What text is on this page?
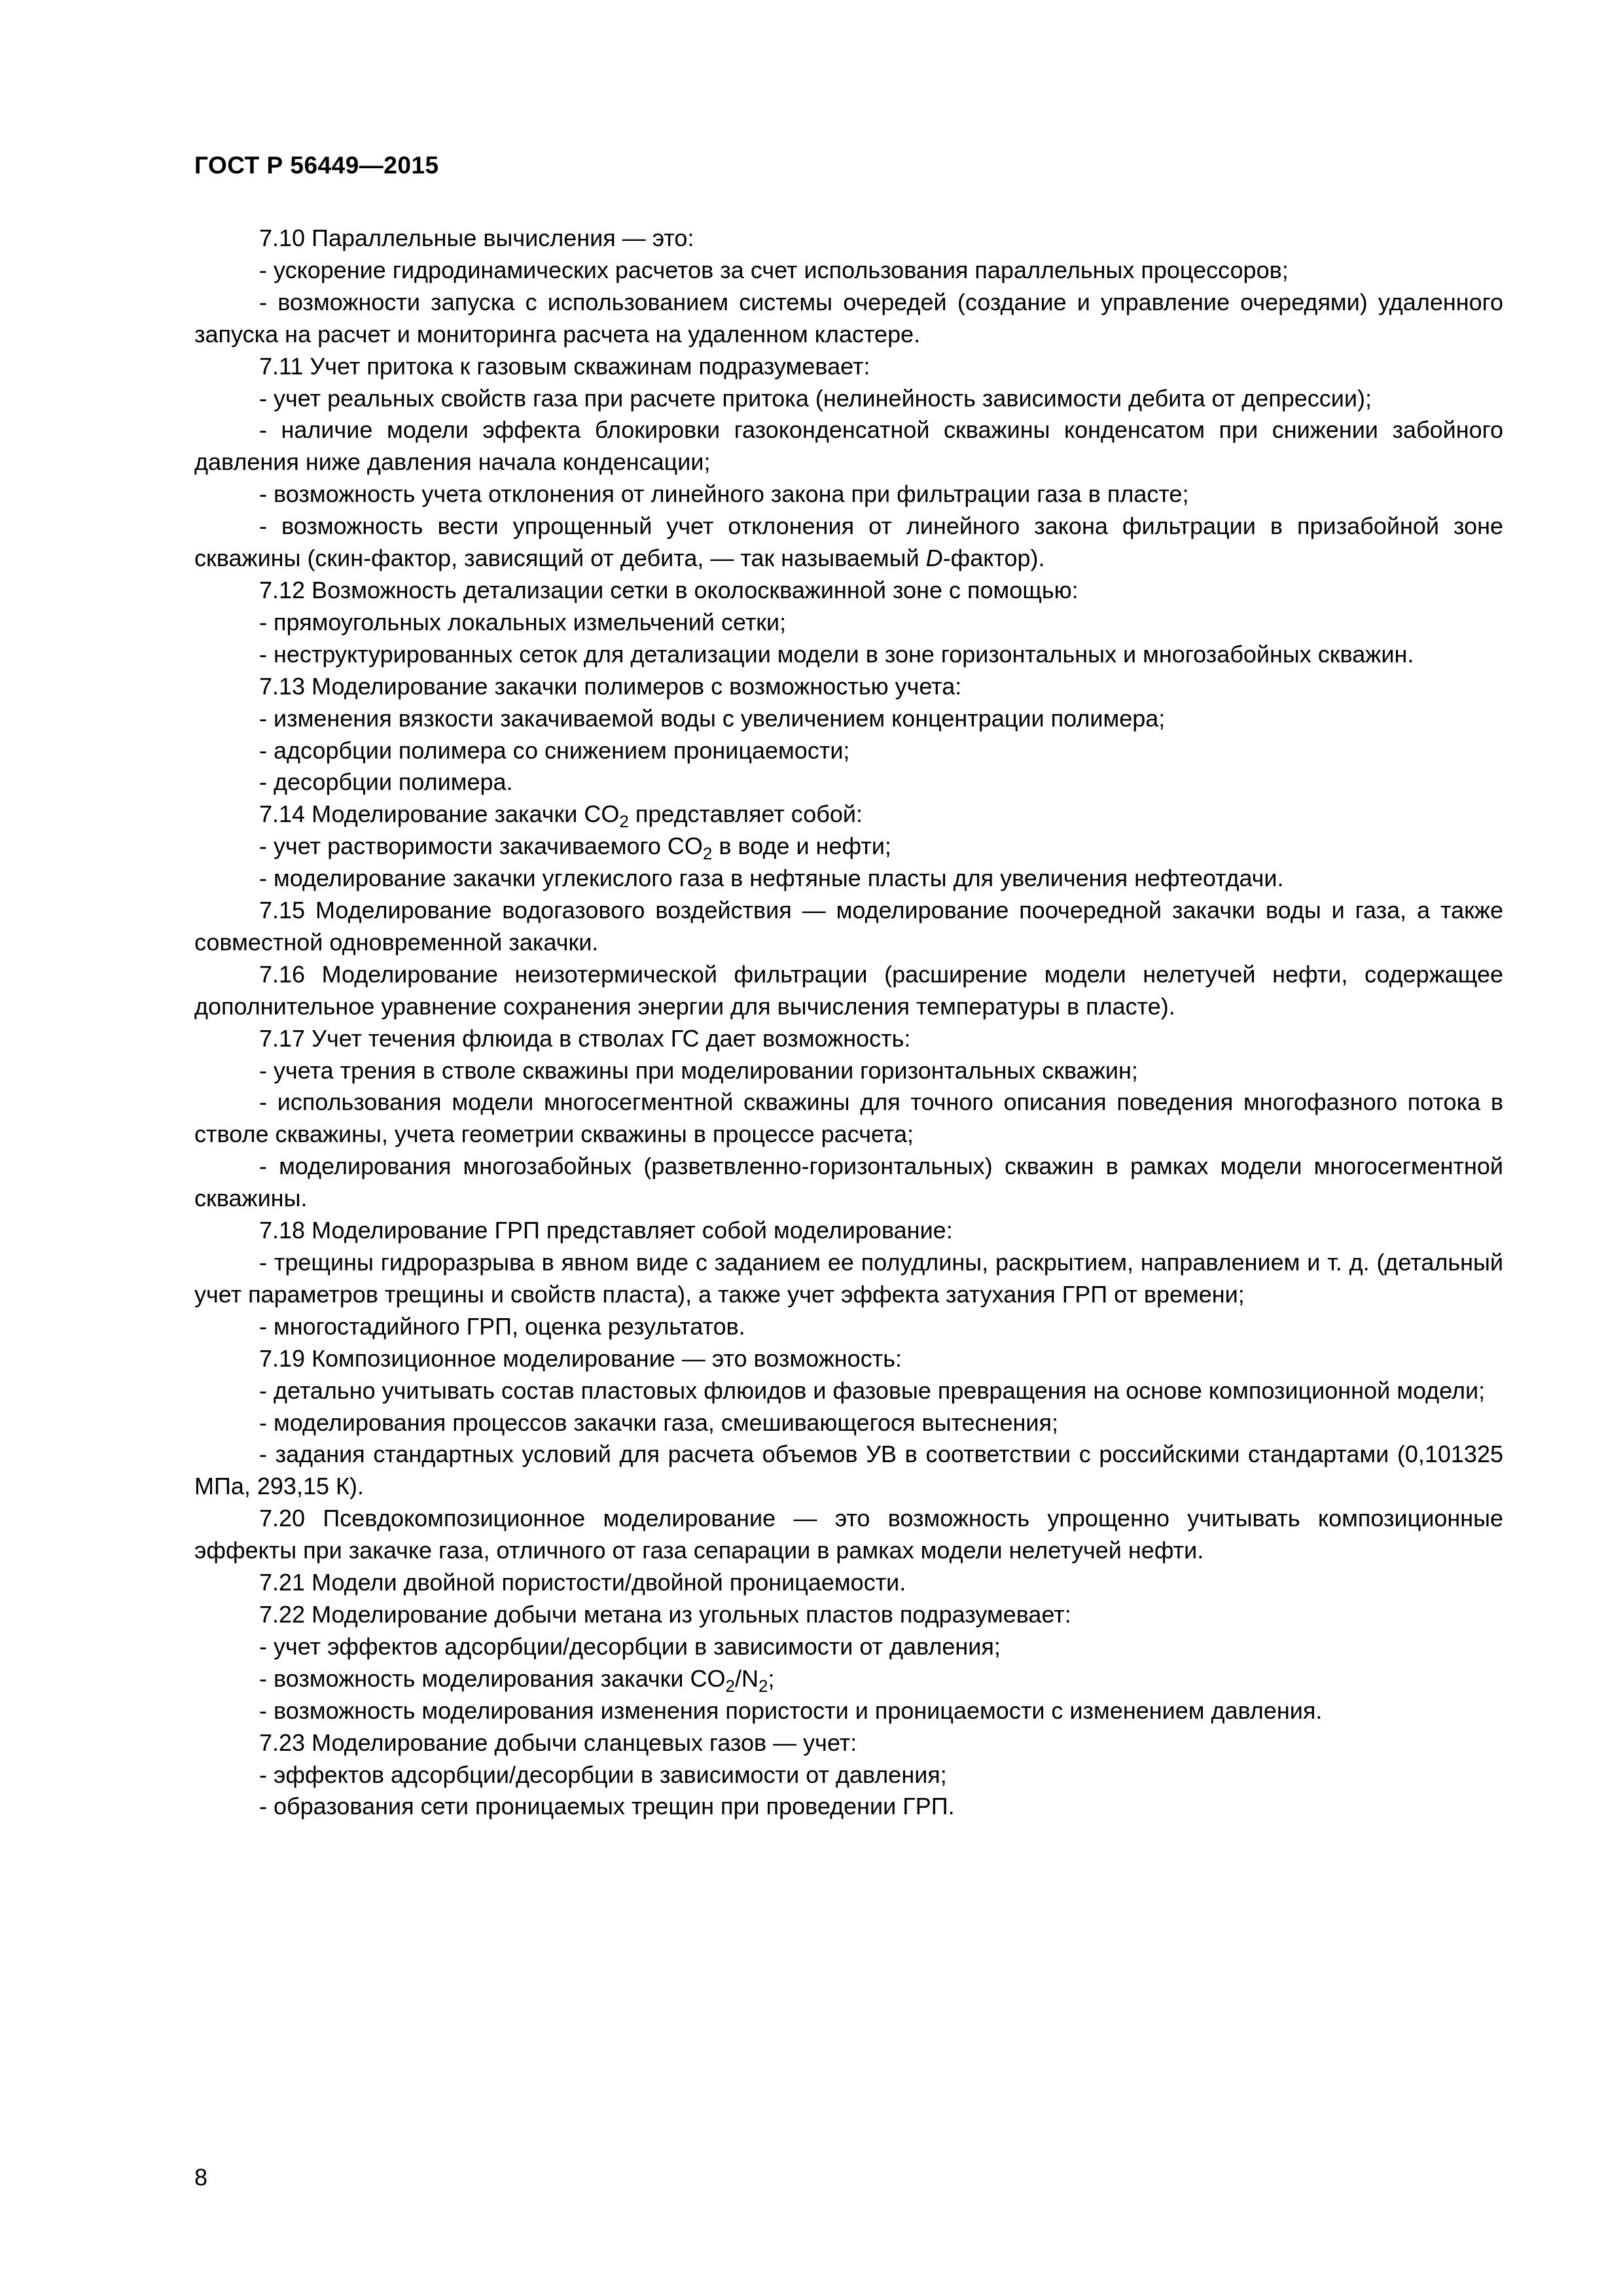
ГОСТ Р 56449—2015

7.10 Параллельные вычисления — это:

- ускорение гидродинамических расчетов за счет использования параллельных процессоров;

- возможности запуска с использованием системы очередей (создание и управление очередями) удаленного запуска на расчет и мониторинга расчета на удаленном кластере.

7.11 Учет притока к газовым скважинам подразумевает:

- учет реальных свойств газа при расчете притока (нелинейность зависимости дебита от депрессии);

- наличие модели эффекта блокировки газоконденсатной скважины конденсатом при снижении забойного давления ниже давления начала конденсации;

- возможность учета отклонения от линейного закона при фильтрации газа в пласте;

- возможность вести упрощенный учет отклонения от линейного закона фильтрации в призабойной зоне скважины (скин-фактор, зависящий от дебита, — так называемый D-фактор).

7.12 Возможность детализации сетки в околоскважинной зоне с помощью:

- прямоугольных локальных измельчений сетки;

- неструктурированных сеток для детализации модели в зоне горизонтальных и многозабойных скважин.

7.13 Моделирование закачки полимеров с возможностью учета:

- изменения вязкости закачиваемой воды с увеличением концентрации полимера;

- адсорбции полимера со снижением проницаемости;

- десорбции полимера.

7.14 Моделирование закачки $CO_2$ представляет собой:

- учет растворимости закачиваемого $CO_2$ в воде и нефти;

- моделирование закачки углекислого газа в нефтяные пласты для увеличения нефтеотдачи.

7.15 Моделирование водогазового воздействия — моделирование поочередной закачки воды и газа, а также совместной одновременной закачки.

7.16 Моделирование неизотермической фильтрации (расширение модели нелетучей нефти, содержащее дополнительное уравнение сохранения энергии для вычисления температуры в пласте).

7.17 Учет течения флюида в стволах ГС дает возможность:

- учета трения в стволе скважины при моделировании горизонтальных скважин;

- использования модели многосегментной скважины для точного описания поведения многофазного потока в стволе скважины, учета геометрии скважины в процессе расчета;

- моделирования многозабойных (разветвленно-горизонтальных) скважин в рамках модели многосегментной скважины.

7.18 Моделирование ГРП представляет собой моделирование:

- трещины гидроразрыва в явном виде с заданием ее полудлины, раскрытием, направлением и т. д. (детальный учет параметров трещины и свойств пласта), а также учет эффекта затухания ГРП от времени;

- многостадийного ГРП, оценка результатов.

7.19 Композиционное моделирование — это возможность:

- детально учитывать состав пластовых флюидов и фазовые превращения на основе композиционной модели;

- моделирования процессов закачки газа, смешивающегося вытеснения;

- задания стандартных условий для расчета объемов УВ в соответствии с российскими стандартами (0,101325 МПа, 293,15 К).

7.20 Псевдокомпозиционное моделирование — это возможность упрощенно учитывать композиционные эффекты при закачке газа, отличного от газа сепарации в рамках модели нелетучей нефти.

7.21 Модели двойной пористости/двойной проницаемости.

7.22 Моделирование добычи метана из угольных пластов подразумевает:

- учет эффектов адсорбции/десорбции в зависимости от давления;

- возможность моделирования закачки $CO_2/N_2$;

- возможность моделирования изменения пористости и проницаемости с изменением давления.

7.23 Моделирование добычи сланцевых газов — учет:

- эффектов адсорбции/десорбции в зависимости от давления;

- образования сети проницаемых трещин при проведении ГРП.

8
